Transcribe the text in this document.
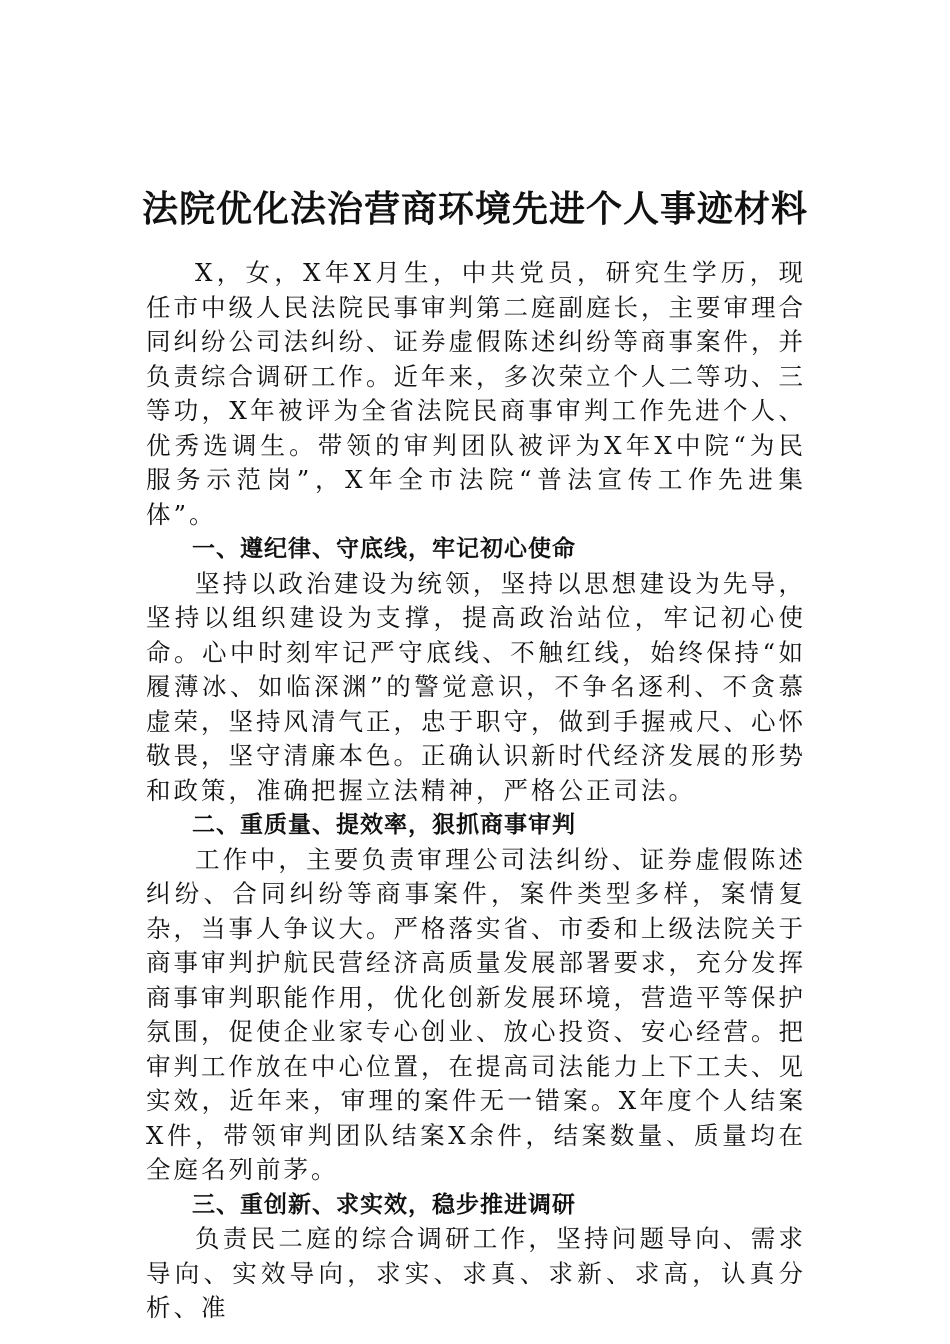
法院优化法治营商环境先进个人事迹材料

X，女，X年X月生，中共党员，研究生学历，现任市中级人民法院民事审判第二庭副庭长，主要审理合同纠纷公司法纠纷、证券虚假陈述纠纷等商事案件，并负责综合调研工作。近年来，多次荣立个人二等功、三等功，X年被评为全省法院民商事审判工作先进个人、优秀选调生。带领的审判团队被评为X年X中院“为民服务示范岗”，X年全市法院“普法宣传工作先进集体”。

一、遵纪律、守底线，牢记初心使命

坚持以政治建设为统领，坚持以思想建设为先导，坚持以组织建设为支撑，提高政治站位，牢记初心使命。心中时刻牢记严守底线、不触红线，始终保持“如履薄冰、如临深渊”的警觉意识，不争名逐利、不贪慕虚荣，坚持风清气正，忠于职守，做到手握戒尺、心怀敬畏，坚守清廉本色。正确认识新时代经济发展的形势和政策，准确把握立法精神，严格公正司法。

二、重质量、提效率，狠抓商事审判

工作中，主要负责审理公司法纠纷、证券虚假陈述纠纷、合同纠纷等商事案件，案件类型多样，案情复杂，当事人争议大。严格落实省、市委和上级法院关于商事审判护航民营经济高质量发展部署要求，充分发挥商事审判职能作用，优化创新发展环境，营造平等保护氛围，促使企业家专心创业、放心投资、安心经营。把审判工作放在中心位置，在提高司法能力上下工夫、见实效，近年来，审理的案件无一错案。X年度个人结案X件，带领审判团队结案X余件，结案数量、质量均在全庭名列前茅。

三、重创新、求实效，稳步推进调研

负责民二庭的综合调研工作，坚持问题导向、需求导向、实效导向，求实、求真、求新、求高，认真分析、准
